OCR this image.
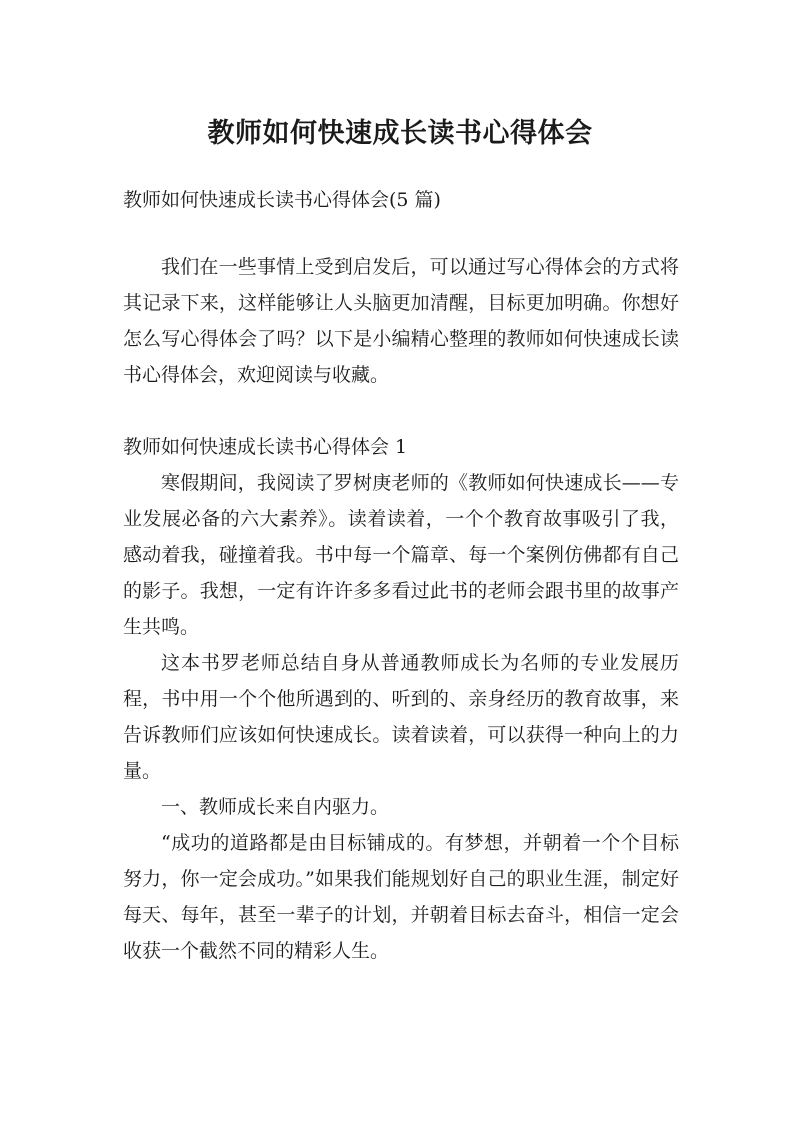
教师如何快速成长读书心得体会

教师如何快速成长读书心得体会(5 篇)

我们在一些事情上受到启发后，可以通过写心得体会的方式将其记录下来，这样能够让人头脑更加清醒，目标更加明确。你想好怎么写心得体会了吗？以下是小编精心整理的教师如何快速成长读书心得体会，欢迎阅读与收藏。

教师如何快速成长读书心得体会 1

寒假期间，我阅读了罗树庚老师的《教师如何快速成长——专业发展必备的六大素养》。读着读着，一个个教育故事吸引了我，感动着我，碰撞着我。书中每一个篇章、每一个案例仿佛都有自己的影子。我想，一定有许许多多看过此书的老师会跟书里的故事产生共鸣。

这本书罗老师总结自身从普通教师成长为名师的专业发展历程，书中用一个个他所遇到的、听到的、亲身经历的教育故事，来告诉教师们应该如何快速成长。读着读着，可以获得一种向上的力量。

一、教师成长来自内驱力。

“成功的道路都是由目标铺成的。有梦想，并朝着一个个目标努力，你一定会成功。”如果我们能规划好自己的职业生涯，制定好每天、每年，甚至一辈子的计划，并朝着目标去奋斗，相信一定会收获一个截然不同的精彩人生。
